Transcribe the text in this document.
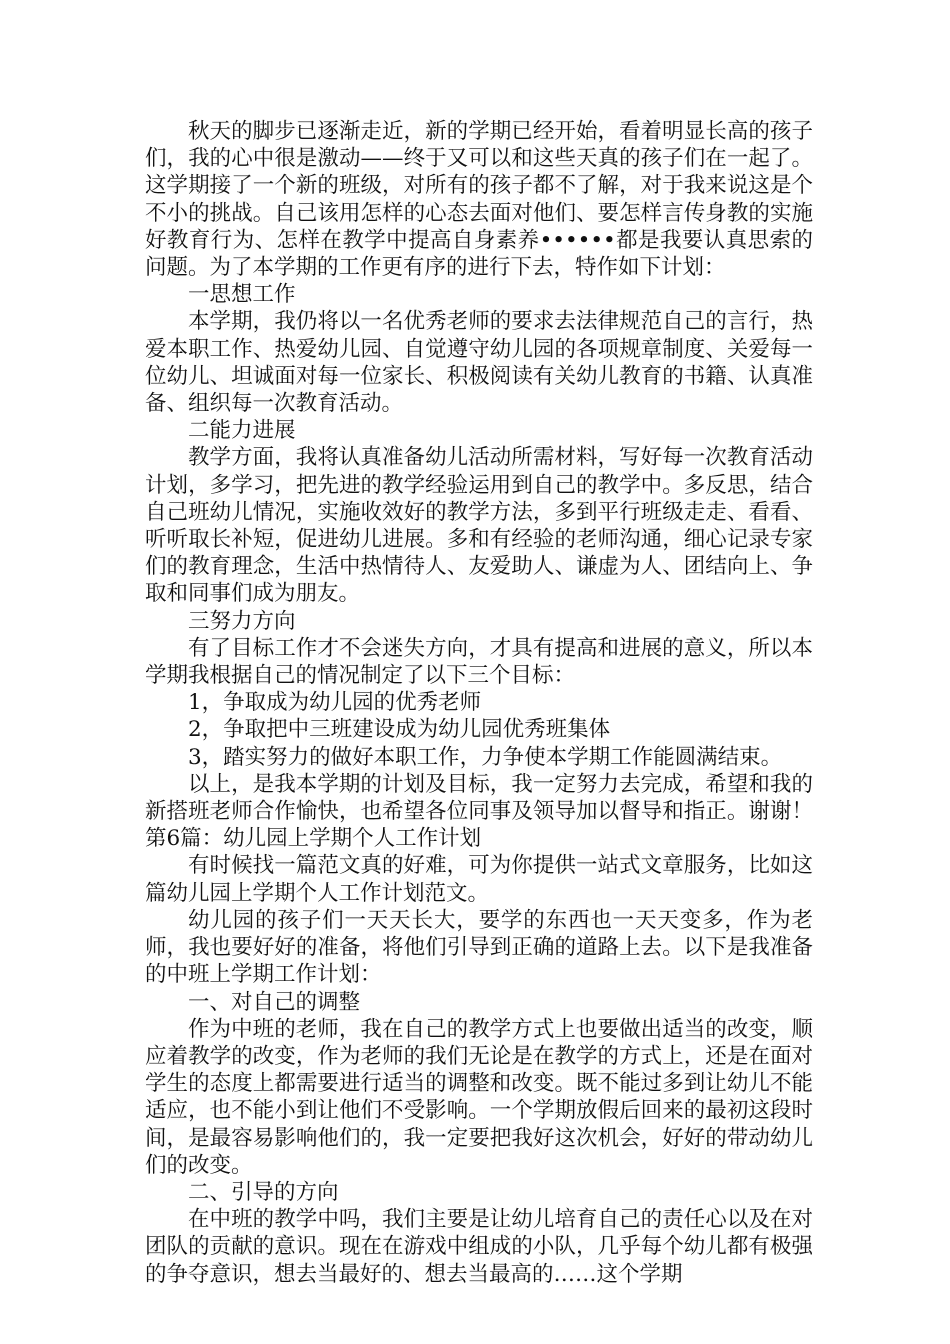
秋天的脚步已逐渐走近，新的学期已经开始，看着明显长高的孩子们，我的心中很是激动——终于又可以和这些天真的孩子们在一起了。这学期接了一个新的班级，对所有的孩子都不了解，对于我来说这是个不小的挑战。自己该用怎样的心态去面对他们、要怎样言传身教的实施好教育行为、怎样在教学中提高自身素养••••••都是我要认真思索的问题。为了本学期的工作更有序的进行下去，特作如下计划：

一思想工作

本学期，我仍将以一名优秀老师的要求去法律规范自己的言行，热爱本职工作、热爱幼儿园、自觉遵守幼儿园的各项规章制度、关爱每一位幼儿、坦诚面对每一位家长、积极阅读有关幼儿教育的书籍、认真准备、组织每一次教育活动。

二能力进展

教学方面，我将认真准备幼儿活动所需材料，写好每一次教育活动计划，多学习，把先进的教学经验运用到自己的教学中。多反思，结合自己班幼儿情况，实施收效好的教学方法，多到平行班级走走、看看、听听取长补短，促进幼儿进展。多和有经验的老师沟通，细心记录专家们的教育理念，生活中热情待人、友爱助人、谦虚为人、团结向上、争取和同事们成为朋友。

三努力方向

有了目标工作才不会迷失方向，才具有提高和进展的意义，所以本学期我根据自己的情况制定了以下三个目标：

1，争取成为幼儿园的优秀老师

2，争取把中三班建设成为幼儿园优秀班集体

3，踏实努力的做好本职工作，力争使本学期工作能圆满结束。

以上，是我本学期的计划及目标，我一定努力去完成，希望和我的新搭班老师合作愉快，也希望各位同事及领导加以督导和指正。谢谢！第6篇：幼儿园上学期个人工作计划

有时候找一篇范文真的好难，可为你提供一站式文章服务，比如这篇幼儿园上学期个人工作计划范文。

幼儿园的孩子们一天天长大，要学的东西也一天天变多，作为老师，我也要好好的准备，将他们引导到正确的道路上去。以下是我准备的中班上学期工作计划：

一、对自己的调整

作为中班的老师，我在自己的教学方式上也要做出适当的改变，顺应着教学的改变，作为老师的我们无论是在教学的方式上，还是在面对学生的态度上都需要进行适当的调整和改变。既不能过多到让幼儿不能适应，也不能小到让他们不受影响。一个学期放假后回来的最初这段时间，是最容易影响他们的，我一定要把我好这次机会，好好的带动幼儿们的改变。

二、引导的方向

在中班的教学中吗，我们主要是让幼儿培育自己的责任心以及在对团队的贡献的意识。现在在游戏中组成的小队，几乎每个幼儿都有极强的争夺意识，想去当最好的、想去当最高的……这个学期
